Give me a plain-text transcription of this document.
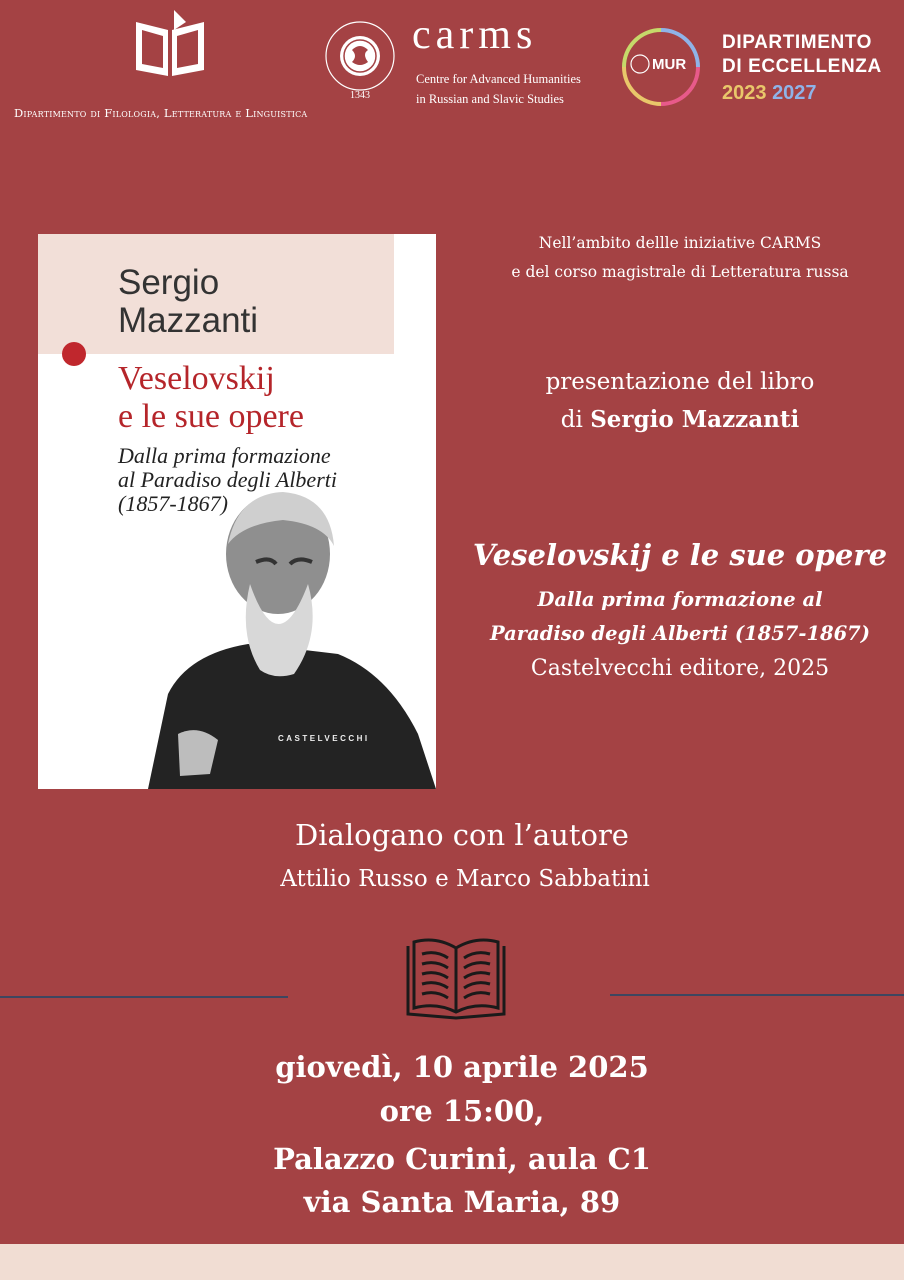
Dipartimento di Filologia, Letteratura e Linguistica
1343
carms
Centre for Advanced Humanities
in Russian and Slavic Studies
MUR
DIPARTIMENTO
DI ECCELLENZA
2023 2027
Sergio
Mazzanti
Veselovskij
e le sue opere
Dalla prima formazione
al Paradiso degli Alberti
(1857-1867)
CASTELVECCHI
Nell’ambito dellle iniziative CARMS
e del corso magistrale di Letteratura russa
presentazione del libro
di Sergio Mazzanti
Veselovskij e le sue opere
Dalla prima formazione al
Paradiso degli Alberti (1857-1867)
Castelvecchi editore, 2025
Dialogano con l’autore
Attilio Russo e Marco Sabbatini
giovedì, 10 aprile 2025
ore 15:00,
Palazzo Curini, aula C1
via Santa Maria, 89
